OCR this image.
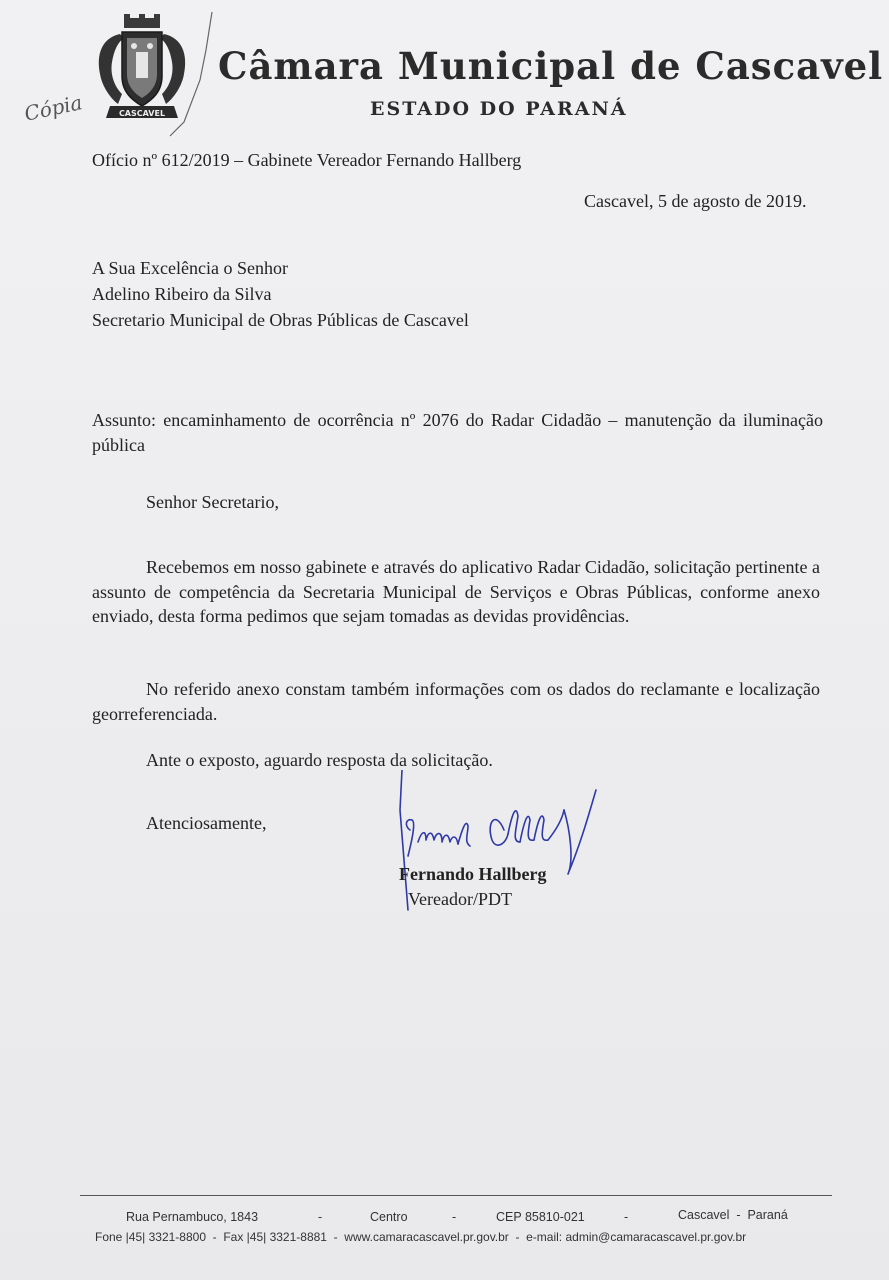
CASCAVEL
Cópia
Câmara Municipal de Cascavel
ESTADO DO PARANÁ
Ofício nº 612/2019 – Gabinete Vereador Fernando Hallberg
Cascavel, 5 de agosto de 2019.
A Sua Excelência o Senhor
Adelino Ribeiro da Silva
Secretario Municipal de Obras Públicas de Cascavel
Assunto: encaminhamento de ocorrência nº 2076 do Radar Cidadão – manutenção da iluminação pública
Senhor Secretario,
Recebemos em nosso gabinete e através do aplicativo Radar Cidadão, solicitação pertinente a assunto de competência da Secretaria Municipal de Serviços e Obras Públicas, conforme anexo enviado, desta forma pedimos que sejam tomadas as devidas providências.
No referido anexo constam também informações com os dados do reclamante e localização georreferenciada.
Ante o exposto, aguardo resposta da solicitação.
Atenciosamente,
Fernando Hallberg
Vereador/PDT
Rua Pernambuco, 1843	-	Centro	-	CEP 85810-021	-	Cascavel  -  Paraná
Fone |45| 3321-8800  -  Fax |45| 3321-8881  -  www.camaracascavel.pr.gov.br  -  e-mail: admin@camaracascavel.pr.gov.br
